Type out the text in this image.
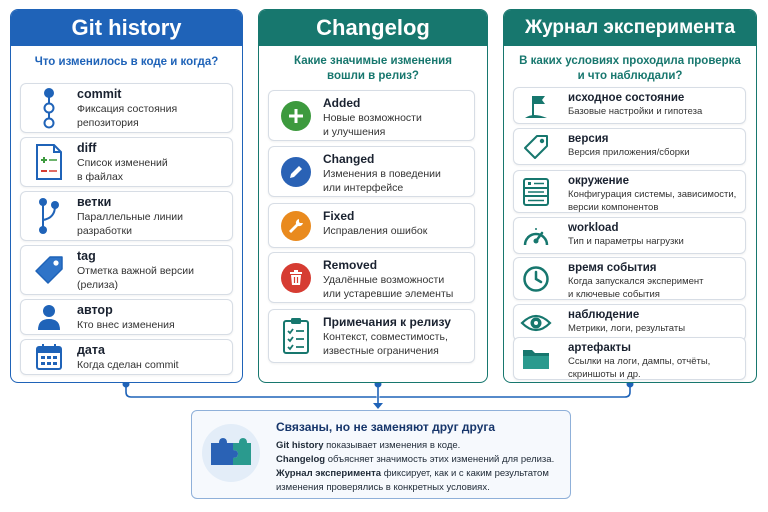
Git history
Что изменилось в коде и когда?
commit
Фиксация состояния
репозитория
diff
Список изменений
в файлах
ветки
Параллельные линии
разработки
tag
Отметка важной версии
(релиза)
автор
Кто внес изменения
дата
Когда сделан commit
Changelog
Какие значимые изменения
вошли в релиз?
Added
Новые возможности
и улучшения
Changed
Изменения в поведении
или интерфейсе
Fixed
Исправления ошибок
Removed
Удалённые возможности
или устаревшие элементы
Примечания к релизу
Контекст, совместимость,
известные ограничения
Журнал эксперимента
В каких условиях проходила проверка
и что наблюдали?
исходное состояние
Базовые настройки и гипотеза
версия
Версия приложения/сборки
окружение
Конфигурация системы, зависимости,
версии компонентов
workload
Тип и параметры нагрузки
время события
Когда запускался эксперимент
и ключевые события
наблюдение
Метрики, логи, результаты
артефакты
Ссылки на логи, дампы, отчёты,
скриншоты и др.
Связаны, но не заменяют друг друга
Git history показывает изменения в коде.
Changelog объясняет значимость этих изменений для релиза.
Журнал эксперимента фиксирует, как и с каким результатом
изменения проверялись в конкретных условиях.
